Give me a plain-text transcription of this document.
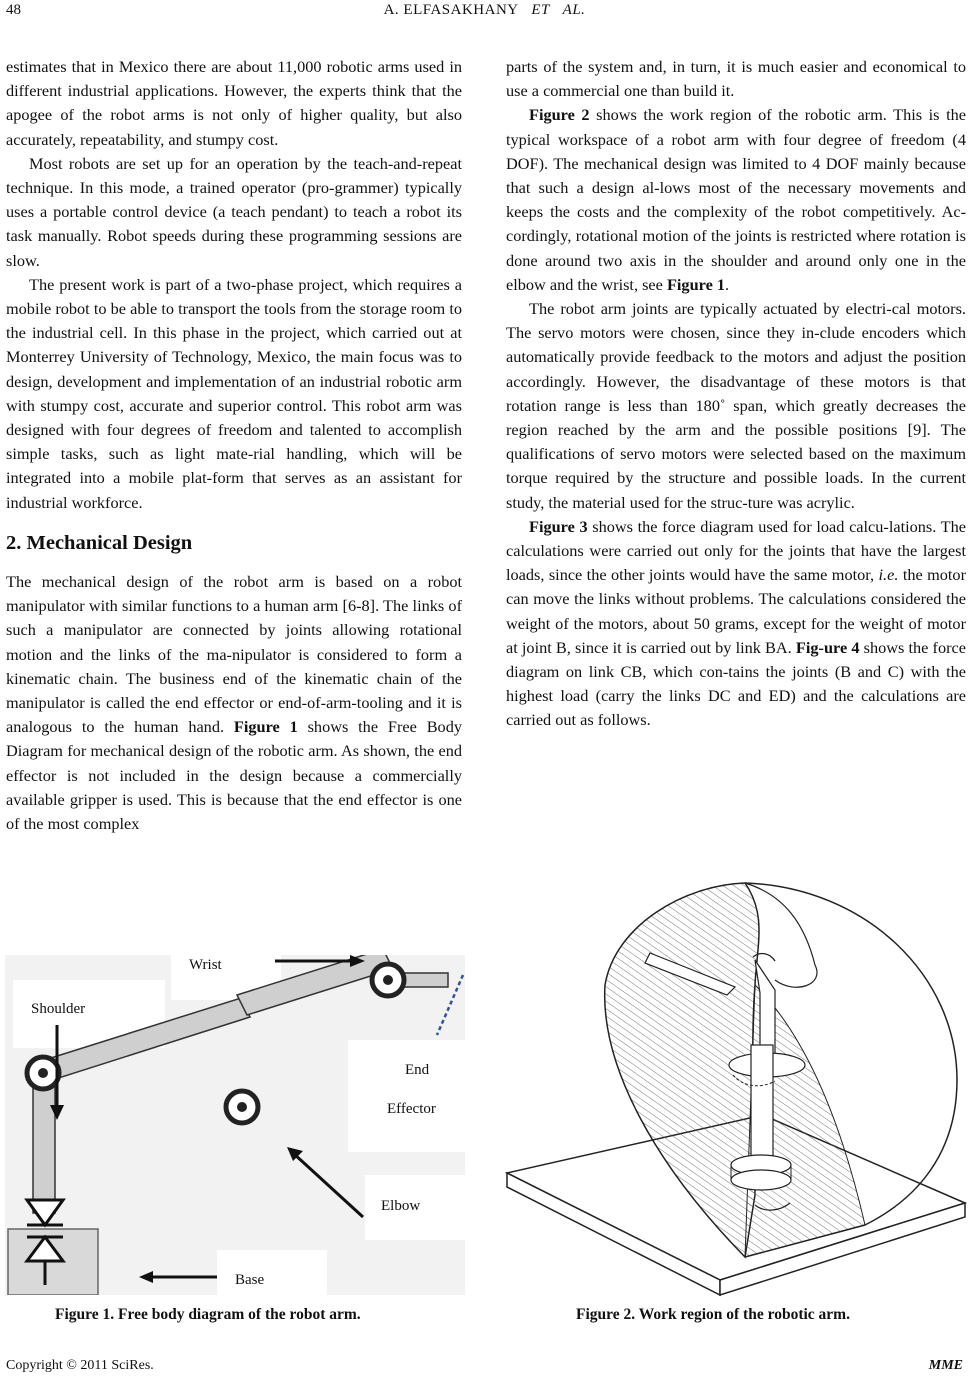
48	A. ELFASAKHANY ET AL.

estimates that in Mexico there are about 11,000 robotic arms used in different industrial applications. However, the experts think that the apogee of the robot arms is not only of higher quality, but also accurately, repeatability, and stumpy cost.

Most robots are set up for an operation by the teach-and-repeat technique. In this mode, a trained operator (pro-grammer) typically uses a portable control device (a teach pendant) to teach a robot its task manually. Robot speeds during these programming sessions are slow.

The present work is part of a two-phase project, which requires a mobile robot to be able to transport the tools from the storage room to the industrial cell. In this phase in the project, which carried out at Monterrey University of Technology, Mexico, the main focus was to design, development and implementation of an industrial robotic arm with stumpy cost, accurate and superior control. This robot arm was designed with four degrees of freedom and talented to accomplish simple tasks, such as light mate-rial handling, which will be integrated into a mobile plat-form that serves as an assistant for industrial workforce.

2. Mechanical Design

The mechanical design of the robot arm is based on a robot manipulator with similar functions to a human arm [6-8]. The links of such a manipulator are connected by joints allowing rotational motion and the links of the ma-nipulator is considered to form a kinematic chain. The business end of the kinematic chain of the manipulator is called the end effector or end-of-arm-tooling and it is analogous to the human hand. Figure 1 shows the Free Body Diagram for mechanical design of the robotic arm. As shown, the end effector is not included in the design because a commercially available gripper is used. This is because that the end effector is one of the most complex

parts of the system and, in turn, it is much easier and economical to use a commercial one than build it.

Figure 2 shows the work region of the robotic arm. This is the typical workspace of a robot arm with four degree of freedom (4 DOF). The mechanical design was limited to 4 DOF mainly because that such a design al-lows most of the necessary movements and keeps the costs and the complexity of the robot competitively. Ac-cordingly, rotational motion of the joints is restricted where rotation is done around two axis in the shoulder and around only one in the elbow and the wrist, see Figure 1.

The robot arm joints are typically actuated by electri-cal motors. The servo motors were chosen, since they in-clude encoders which automatically provide feedback to the motors and adjust the position accordingly. However, the disadvantage of these motors is that rotation range is less than 180˚ span, which greatly decreases the region reached by the arm and the possible positions [9]. The qualifications of servo motors were selected based on the maximum torque required by the structure and possible loads. In the current study, the material used for the struc-ture was acrylic.

Figure 3 shows the force diagram used for load calcu-lations. The calculations were carried out only for the joints that have the largest loads, since the other joints would have the same motor, i.e. the motor can move the links without problems. The calculations considered the weight of the motors, about 50 grams, except for the weight of motor at joint B, since it is carried out by link BA. Fig-ure 4 shows the force diagram on link CB, which con-tains the joints (B and C) with the highest load (carry the links DC and ED) and the calculations are carried out as follows.

Wrist
Shoulder
End
Effector
Elbow
Base
Figure 1. Free body diagram of the robot arm.	Figure 2. Work region of the robotic arm.
Copyright © 2011 SciRes.	MME
